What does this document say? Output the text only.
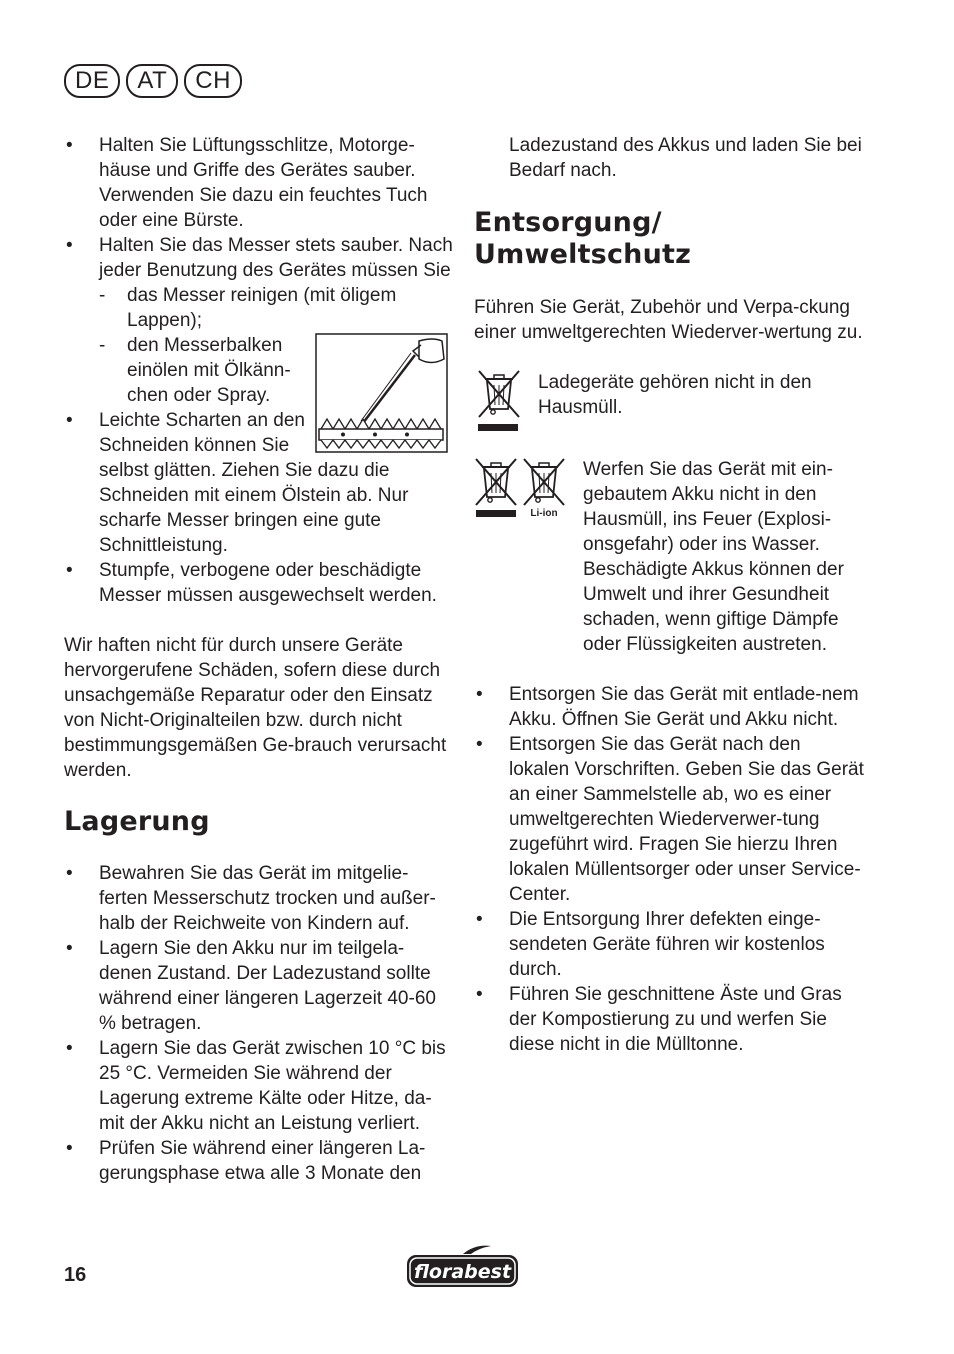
DE	AT	CH
• Halten Sie Lüftungsschlitze, Motorge-häuse und Griffe des Gerätes sauber. Verwenden Sie dazu ein feuchtes Tuch oder eine Bürste.
• Halten Sie das Messer stets sauber. Nach jeder Benutzung des Gerätes müssen Sie
- das Messer reinigen (mit öligem Lappen);
- den Messerbalken einölen mit Ölkänn-chen oder Spray.
• Leichte Scharten an den Schneiden können Sie selbst glätten. Ziehen Sie dazu die Schneiden mit einem Ölstein ab. Nur scharfe Messer bringen eine gute Schnittleistung.
• Stumpfe, verbogene oder beschädigte Messer müssen ausgewechselt werden.

Wir haften nicht für durch unsere Geräte hervorgerufene Schäden, sofern diese durch unsachgemäße Reparatur oder den Einsatz von Nicht-Originalteilen bzw. durch nicht bestimmungsgemäßen Ge-brauch verursacht werden.

Lagerung
• Bewahren Sie das Gerät im mitgelie-ferten Messerschutz trocken und außer-halb der Reichweite von Kindern auf.
• Lagern Sie den Akku nur im teilgela-denen Zustand. Der Ladezustand sollte während einer längeren Lagerzeit 40-60 % betragen.
• Lagern Sie das Gerät zwischen 10 °C bis 25 °C. Vermeiden Sie während der Lagerung extreme Kälte oder Hitze, da-mit der Akku nicht an Leistung verliert.
• Prüfen Sie während einer längeren La-gerungsphase etwa alle 3 Monate den

Ladezustand des Akkus und laden Sie bei Bedarf nach.

Entsorgung/
Umweltschutz

Führen Sie Gerät, Zubehör und Verpa-ckung einer umweltgerechten Wiederver-wertung zu.

Ladegeräte gehören nicht in den Hausmüll.

Li-ion

Werfen Sie das Gerät mit ein-gebautem Akku nicht in den Hausmüll, ins Feuer (Explosi-onsgefahr) oder ins Wasser. Beschädigte Akkus können der Umwelt und ihrer Gesundheit schaden, wenn giftige Dämpfe oder Flüssigkeiten austreten.

• Entsorgen Sie das Gerät mit entlade-nem Akku. Öffnen Sie Gerät und Akku nicht.
• Entsorgen Sie das Gerät nach den lokalen Vorschriften. Geben Sie das Gerät an einer Sammelstelle ab, wo es einer umweltgerechten Wiederverwer-tung zugeführt wird. Fragen Sie hierzu Ihren lokalen Müllentsorger oder unser Service-Center.
• Die Entsorgung Ihrer defekten einge-sendeten Geräte führen wir kostenlos durch.
• Führen Sie geschnittene Äste und Gras der Kompostierung zu und werfen Sie diese nicht in die Mülltonne.
16	florabest
